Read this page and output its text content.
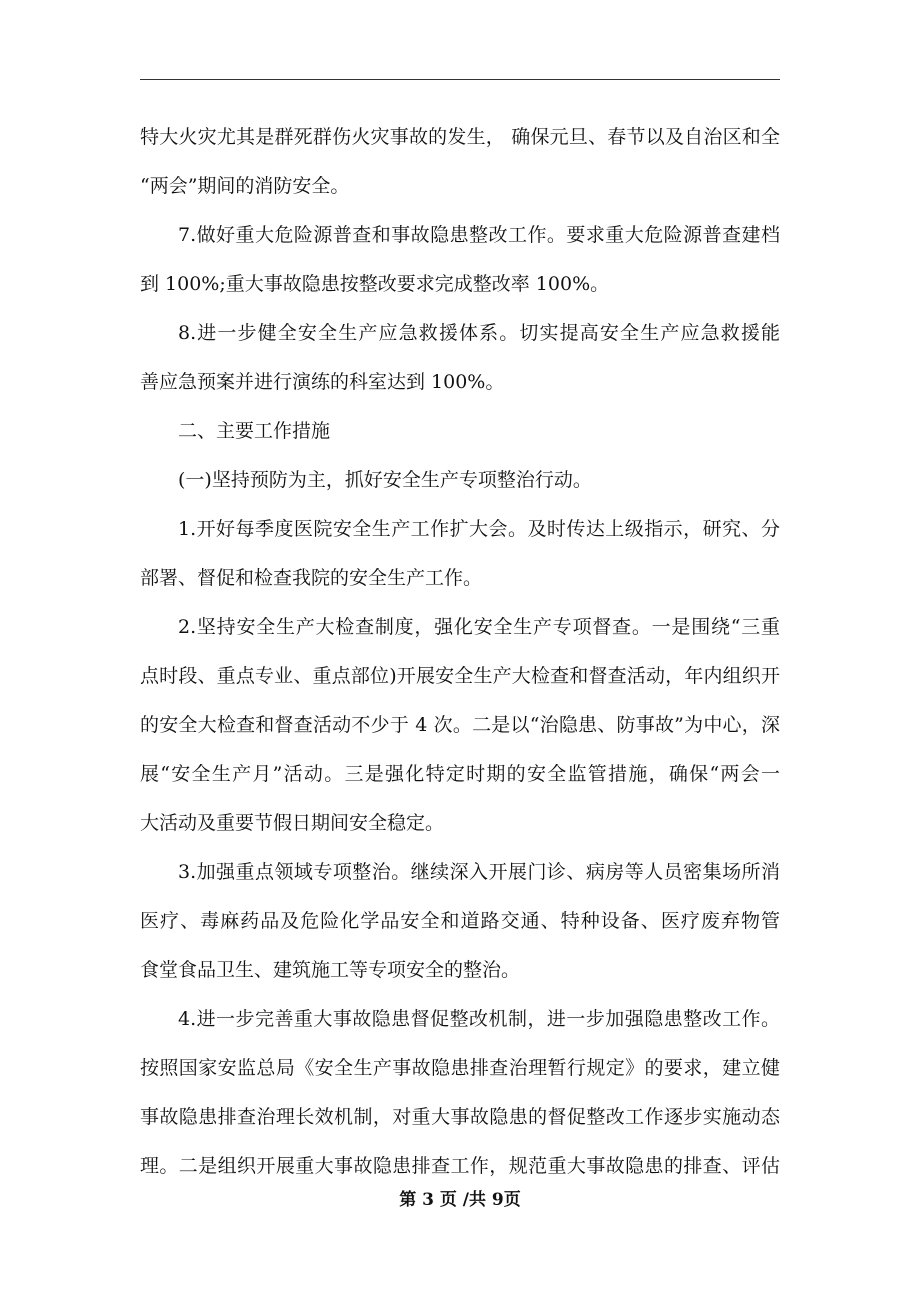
特大火灾尤其是群死群伤火灾事故的发生， 确保元旦、春节以及自治区和全
“两会”期间的消防安全。
7.做好重大危险源普查和事故隐患整改工作。要求重大危险源普查建档
到 100%;重大事故隐患按整改要求完成整改率 100%。
8.进一步健全安全生产应急救援体系。切实提高安全生产应急救援能
善应急预案并进行演练的科室达到 100%。
二、主要工作措施
(一)坚持预防为主，抓好安全生产专项整治行动。
1.开好每季度医院安全生产工作扩大会。及时传达上级指示，研究、分
部署、督促和检查我院的安全生产工作。
2.坚持安全生产大检查制度，强化安全生产专项督查。一是围绕“三重
点时段、重点专业、重点部位)开展安全生产大检查和督查活动，年内组织开
的安全大检查和督查活动不少于 4 次。二是以“治隐患、防事故”为中心，深
展“安全生产月”活动。三是强化特定时期的安全监管措施，确保“两会一
大活动及重要节假日期间安全稳定。
3.加强重点领域专项整治。继续深入开展门诊、病房等人员密集场所消
医疗、毒麻药品及危险化学品安全和道路交通、特种设备、医疗废弃物管
食堂食品卫生、建筑施工等专项安全的整治。
4.进一步完善重大事故隐患督促整改机制，进一步加强隐患整改工作。
按照国家安监总局《安全生产事故隐患排查治理暂行规定》的要求，建立健
事故隐患排查治理长效机制，对重大事故隐患的督促整改工作逐步实施动态
理。二是组织开展重大事故隐患排查工作，规范重大事故隐患的排查、评估
第 3 页 /共 9页
